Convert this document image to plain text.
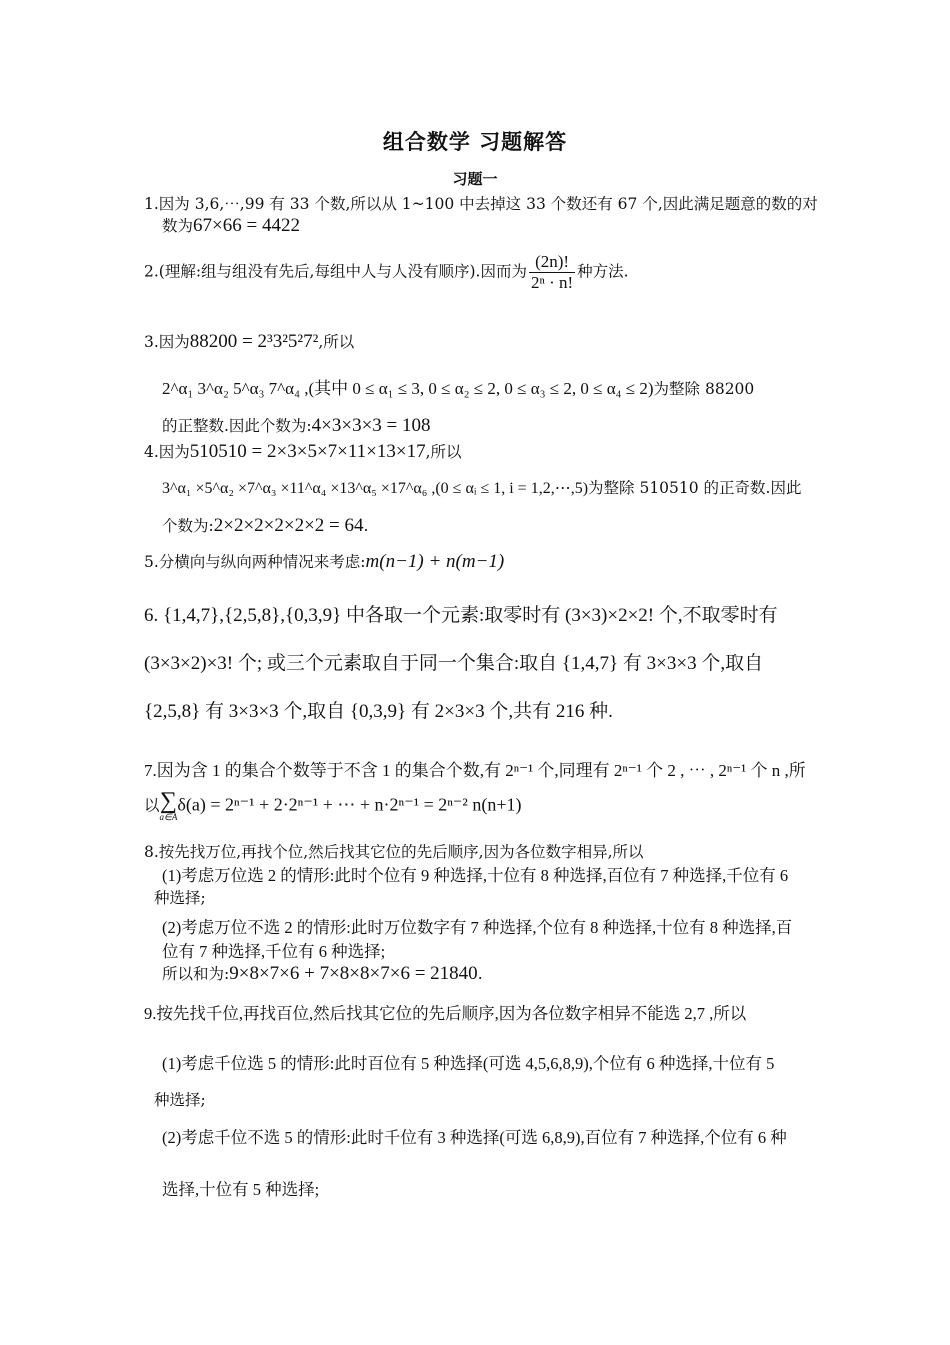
组合数学 习题解答
习题一
1.因为 3,6,⋯,99 有 33 个数,所以从 1~100 中去掉这 33 个数还有 67 个,因此满足题意的数的对
数为67×66 = 4422
2.(理解:组与组没有先后,每组中人与人没有顺序).因而为 $\frac{(2n)!}{\text{2ⁿ · n!}}$ 种方法.
3.因为88200 = 2³3²5²7²,所以
2^α₁ 3^α₂ 5^α₃ 7^α₄ ,(其中 0 ≤ α₁ ≤ 3, 0 ≤ α₂ ≤ 2, 0 ≤ α₃ ≤ 2, 0 ≤ α₄ ≤ 2)为整除 88200
的正整数.因此个数为:4×3×3×3 = 108
4.因为510510 = 2×3×5×7×11×13×17,所以
3^α₁ ×5^α₂ ×7^α₃ ×11^α₄ ×13^α₅ ×17^α₆ ,(0 ≤ αᵢ ≤ 1, i = 1,2,⋯,5)为整除 510510 的正奇数.因此
个数为:2×2×2×2×2×2 = 64.
5.分横向与纵向两种情况来考虑:m(n−1) + n(m−1)
6. {1,4,7},{2,5,8},{0,3,9} 中各取一个元素:取零时有 (3×3)×2×2! 个,不取零时有
(3×3×2)×3! 个; 或三个元素取自于同一个集合:取自 {1,4,7} 有 3×3×3 个,取自
{2,5,8} 有 3×3×3 个,取自 {0,3,9} 有 2×3×3 个,共有 216 种.
7.因为含 1 的集合个数等于不含 1 的集合个数,有 2ⁿ⁻¹ 个,同理有 2ⁿ⁻¹ 个 2 , ⋯ , 2ⁿ⁻¹ 个 n ,所
以 ∑
a∈A
δ(a) = 2ⁿ⁻¹ + 2·2ⁿ⁻¹ + ⋯ + n·2ⁿ⁻¹ = 2ⁿ⁻² n(n+1)
8.按先找万位,再找个位,然后找其它位的先后顺序,因为各位数字相异,所以
(1)考虑万位选 2 的情形:此时个位有 9 种选择,十位有 8 种选择,百位有 7 种选择,千位有 6
种选择;
(2)考虑万位不选 2 的情形:此时万位数字有 7 种选择,个位有 8 种选择,十位有 8 种选择,百
位有 7 种选择,千位有 6 种选择;
所以和为:9×8×7×6 + 7×8×8×7×6 = 21840.
9.按先找千位,再找百位,然后找其它位的先后顺序,因为各位数字相异不能选 2,7 ,所以
(1)考虑千位选 5 的情形:此时百位有 5 种选择(可选 4,5,6,8,9),个位有 6 种选择,十位有 5
种选择;
(2)考虑千位不选 5 的情形:此时千位有 3 种选择(可选 6,8,9),百位有 7 种选择,个位有 6 种
选择,十位有 5 种选择;
